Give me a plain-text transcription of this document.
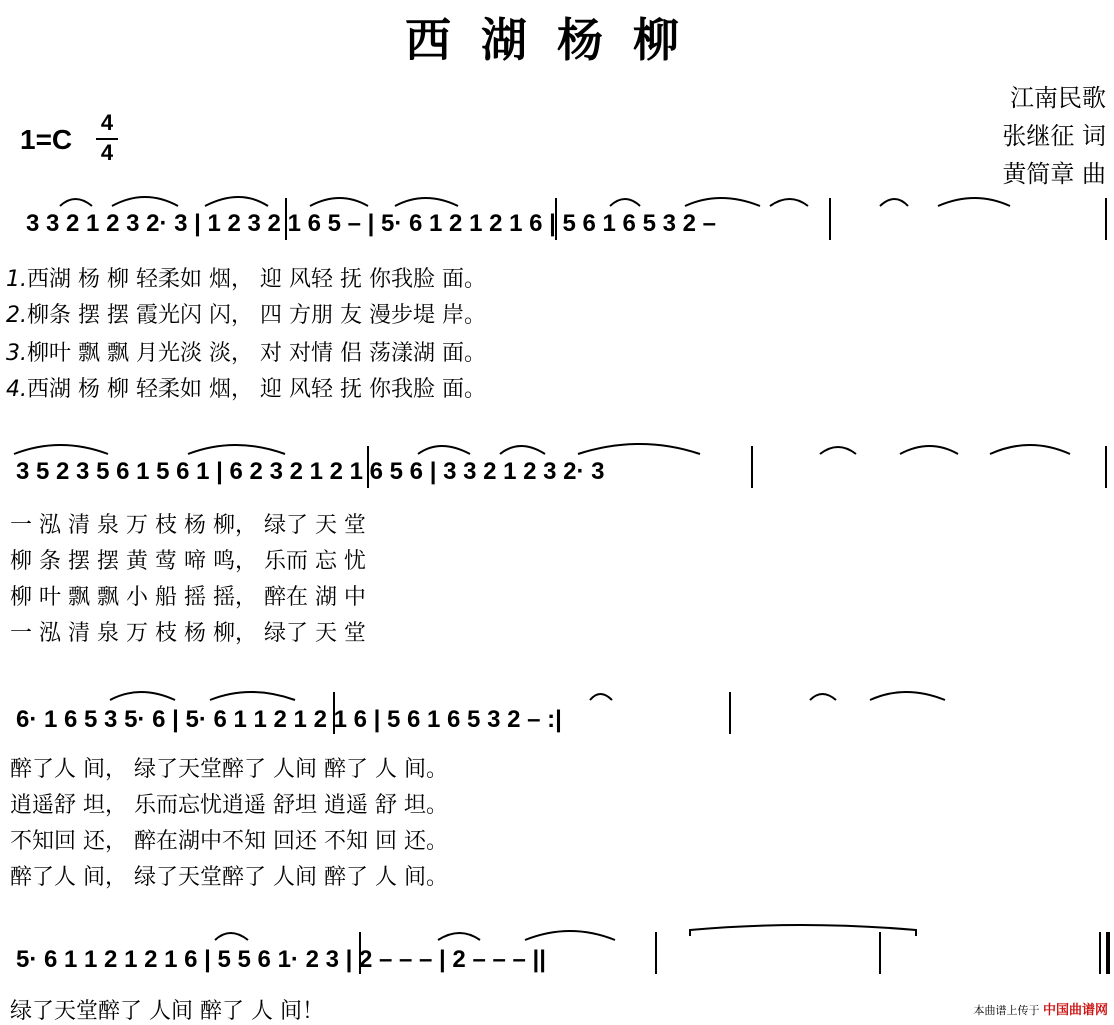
西湖杨柳
江南民歌
张继征 词
黄简章 曲
1=C
4
4
3 3 2 1 2 3 2· 3 | 1 2 3 2 1 6 5 – | 5· 6 1 2 1 2 1 6 | 5 6 1 6 5 3 2 –
1.西湖 杨 柳 轻柔如 烟， 迎 风轻 抚 你我脸 面。
2.柳条 摆 摆 霞光闪 闪， 四 方朋 友 漫步堤 岸。
3.柳叶 飘 飘 月光淡 淡， 对 对情 侣 荡漾湖 面。
4.西湖 杨 柳 轻柔如 烟， 迎 风轻 抚 你我脸 面。
3 5 2 3 5 6 1 5 6 1 | 6 2 3 2 1 2 1 6 5 6 | 3 3 2 1 2 3 2· 3
一 泓 清 泉 万 枝 杨 柳， 绿了 天 堂
柳 条 摆 摆 黄 莺 啼 鸣， 乐而 忘 忧
柳 叶 飘 飘 小 船 摇 摇， 醉在 湖 中
一 泓 清 泉 万 枝 杨 柳， 绿了 天 堂
6· 1 6 5 3 5· 6 | 5· 6 1 1 2 1 2 1 6 | 5 6 1 6 5 3 2 – :|
醉了人 间， 绿了天堂醉了 人间 醉了 人 间。
逍遥舒 坦， 乐而忘忧逍遥 舒坦 逍遥 舒 坦。
不知回 还， 醉在湖中不知 回还 不知 回 还。
醉了人 间， 绿了天堂醉了 人间 醉了 人 间。
5· 6 1 1 2 1 2 1 6 | 5 5 6 1· 2 3 | 2 – – – | 2 – – – ||
绿了天堂醉了 人间 醉了 人 间！	本曲谱上传于 中国曲谱网
